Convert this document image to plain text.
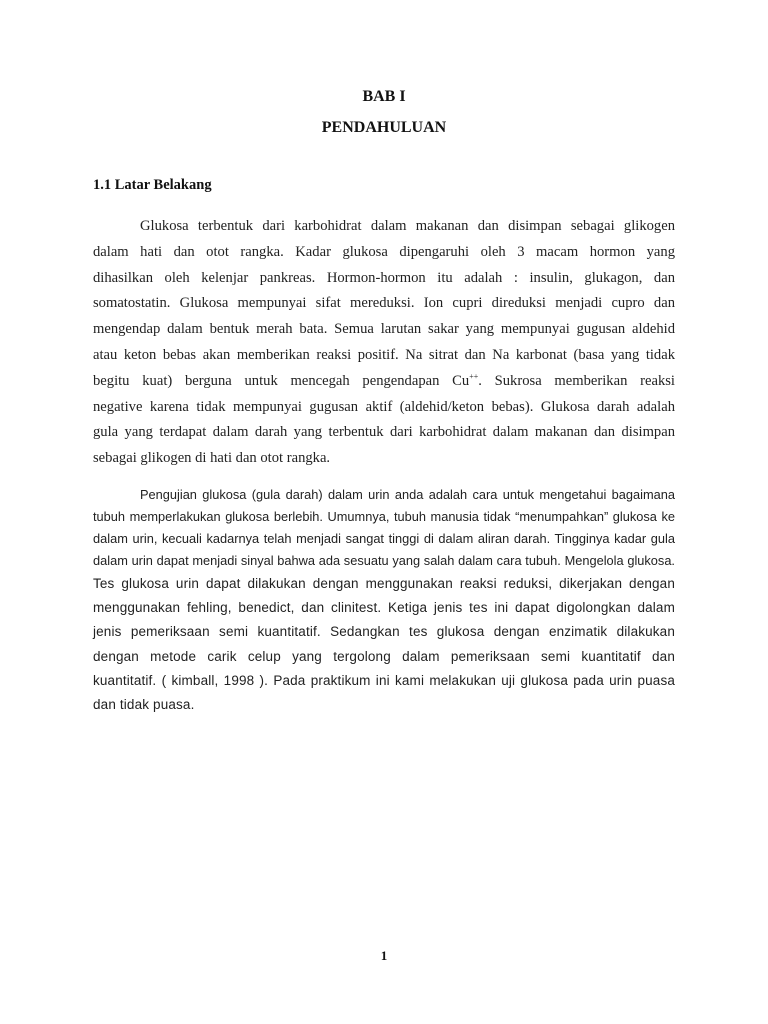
BAB I
PENDAHULUAN
1.1 Latar Belakang
Glukosa terbentuk dari karbohidrat dalam makanan dan disimpan sebagai glikogen
dalam hati dan otot rangka. Kadar glukosa dipengaruhi oleh 3 macam hormon yang
dihasilkan oleh kelenjar pankreas. Hormon-hormon itu adalah : insulin, glukagon, dan
somatostatin. Glukosa mempunyai sifat mereduksi. Ion cupri direduksi menjadi cupro dan
mengendap dalam bentuk merah bata. Semua larutan sakar yang mempunyai gugusan aldehid
atau keton bebas akan memberikan reaksi positif. Na sitrat dan Na karbonat (basa yang tidak
begitu kuat) berguna untuk mencegah pengendapan Cu++. Sukrosa memberikan reaksi
negative karena tidak mempunyai gugusan aktif (aldehid/keton bebas). Glukosa darah adalah
gula yang terdapat dalam darah yang terbentuk dari karbohidrat dalam makanan dan disimpan
sebagai glikogen di hati dan otot rangka.
Pengujian glukosa (gula darah) dalam urin anda adalah cara untuk mengetahui bagaimana
tubuh memperlakukan glukosa berlebih. Umumnya, tubuh manusia tidak “menumpahkan” glukosa ke
dalam urin, kecuali kadarnya telah menjadi sangat tinggi di dalam aliran darah. Tingginya kadar gula
dalam urin dapat menjadi sinyal bahwa ada sesuatu yang salah dalam cara tubuh. Mengelola glukosa.
Tes glukosa urin dapat dilakukan dengan menggunakan reaksi reduksi, dikerjakan dengan
menggunakan fehling, benedict, dan clinitest. Ketiga jenis tes ini dapat digolongkan dalam
jenis pemeriksaan semi kuantitatif. Sedangkan tes glukosa dengan enzimatik dilakukan
dengan metode carik celup yang tergolong dalam pemeriksaan semi kuantitatif dan
kuantitatif. ( kimball, 1998 ). Pada praktikum ini kami melakukan uji glukosa pada urin puasa
dan tidak puasa.
1
